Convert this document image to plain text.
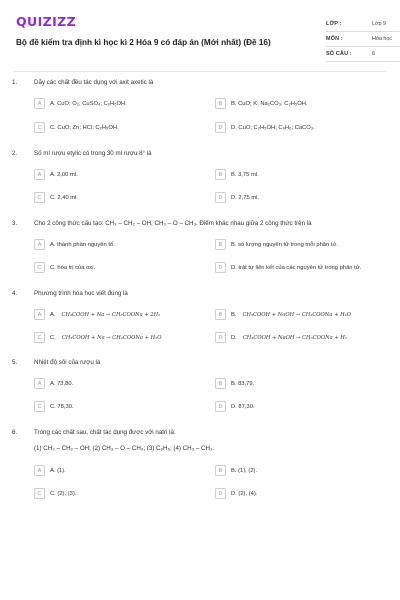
QUIZIZZ
Bộ đề kiểm tra định kì học kì 2 Hóa 9 có đáp án (Mới nhất) (Đề 16)
LỚP :	Lớp 9
MÔN :	Hóa học
SỐ CÂU :	6
1.	Dãy các chất đều tác dụng với axit axetic là
A	A. CuO; O₂; CuSO₄; C₂H₅OH.	B	B. CuO; K; Na₂CO₃; C₂H₅OH.
C	C. CuO; Zn; HCl; C₂H₅OH.	D	D. CuO; C₂H₅OH; C₆H₆; CaCO₃.
2.	Số ml rượu etylic có trong 30 ml rượu 8° là
A	A. 2,00 ml.	B	B. 3,75 ml.
C	C. 2,40 ml.	D	D. 2,75 ml.
3.	Cho 2 công thức cấu tạo: CH₃ – CH₂ – OH, CH₃ – O – CH₃. Điểm khác nhau giữa 2 công thức trên là
A	A. thành phần nguyên tố.	B	B. số lượng nguyên tử trong mỗi phân tử.
C	C. hóa trị của oxi.	D	D. trật tự liên kết của các nguyên tử trong phân tử.
4.	Phương trình hóa học viết đúng là
A	A. CH₃COOH + Na → CH₃COONa + 2H₂	B	B. CH₃COOH + NaOH → CH₃COONa + H₂O
C	C. CH₃COOH + Na → CH₃COONa + H₂O	D	D. CH₃COOH + NaOH → CH₃COONa + H₂
5.	Nhiệt độ sôi của rượu là
A	A. 73,80.	B	B. 83,79.
C	C. 78,30.	D	D. 87,30.
6.	Trong các chất sau, chất tác dụng được với natri là:
(1) CH₃ – CH₂ – OH; (2) CH₃ – O – CH₃; (3) C₆H₆; (4) CH₃ – CH₃.
A	A. (1).	B	B. (1), (2).
C	C. (2), (3).	D	D. (2), (4).
